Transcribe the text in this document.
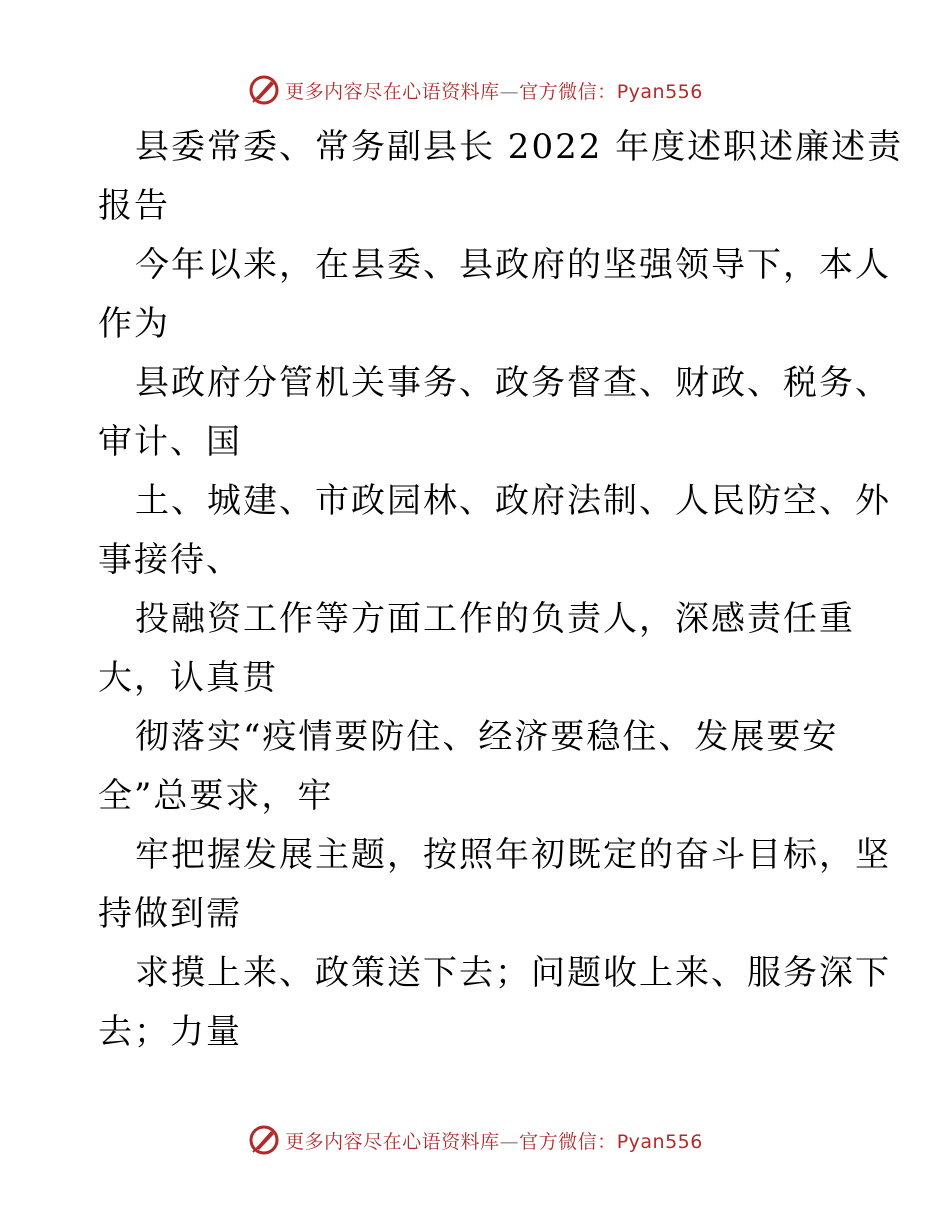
更多内容尽在心语资料库—官方微信：Pyan556
县委常委、常务副县长 2022 年度述职述廉述责
报告
今年以来，在县委、县政府的坚强领导下，本人
作为
县政府分管机关事务、政务督查、财政、税务、
审计、国
土、城建、市政园林、政府法制、人民防空、外
事接待、
投融资工作等方面工作的负责人，深感责任重
大，认真贯
彻落实“疫情要防住、经济要稳住、发展要安
全”总要求，牢
牢把握发展主题，按照年初既定的奋斗目标，坚
持做到需
求摸上来、政策送下去；问题收上来、服务深下
去；力量
更多内容尽在心语资料库—官方微信：Pyan556
